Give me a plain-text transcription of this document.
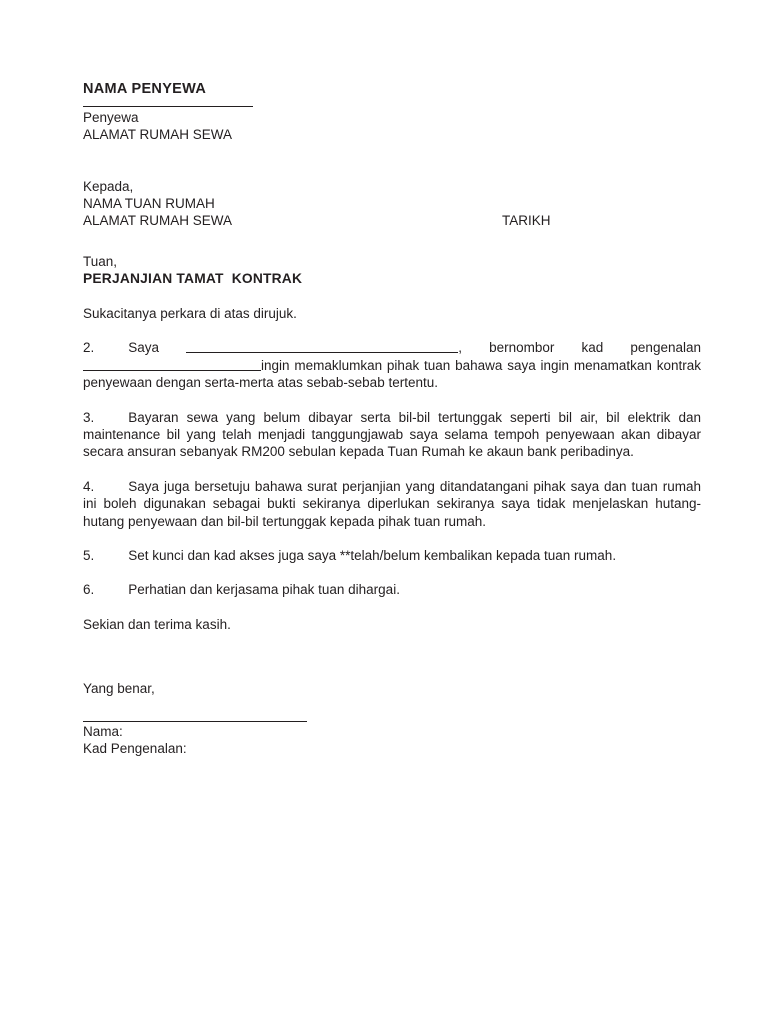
NAMA PENYEWA

Penyewa

ALAMAT RUMAH SEWA

Kepada,

NAMA TUAN RUMAH

ALAMAT RUMAH SEWA	TARIKH

Tuan,

PERJANJIAN TAMAT  KONTRAK

Sukacitanya perkara di atas dirujuk.

2.	Saya	, bernombor kad pengenalan ingin memaklumkan pihak tuan bahawa saya ingin menamatkan kontrak penyewaan dengan serta-merta atas sebab-sebab tertentu.

3.	Bayaran sewa yang belum dibayar serta bil-bil tertunggak seperti bil air, bil elektrik dan maintenance bil yang telah menjadi tanggungjawab saya selama tempoh penyewaan akan dibayar secara ansuran sebanyak RM200 sebulan kepada Tuan Rumah ke akaun bank peribadinya.

4.	Saya juga bersetuju bahawa surat perjanjian yang ditandatangani pihak saya dan tuan rumah ini boleh digunakan sebagai bukti sekiranya diperlukan sekiranya saya tidak menjelaskan hutang-hutang penyewaan dan bil-bil tertunggak kepada pihak tuan rumah.

5.	Set kunci dan kad akses juga saya **telah/belum kembalikan kepada tuan rumah.

6.	Perhatian dan kerjasama pihak tuan dihargai.

Sekian dan terima kasih.

Yang benar,

Nama:

Kad Pengenalan:
